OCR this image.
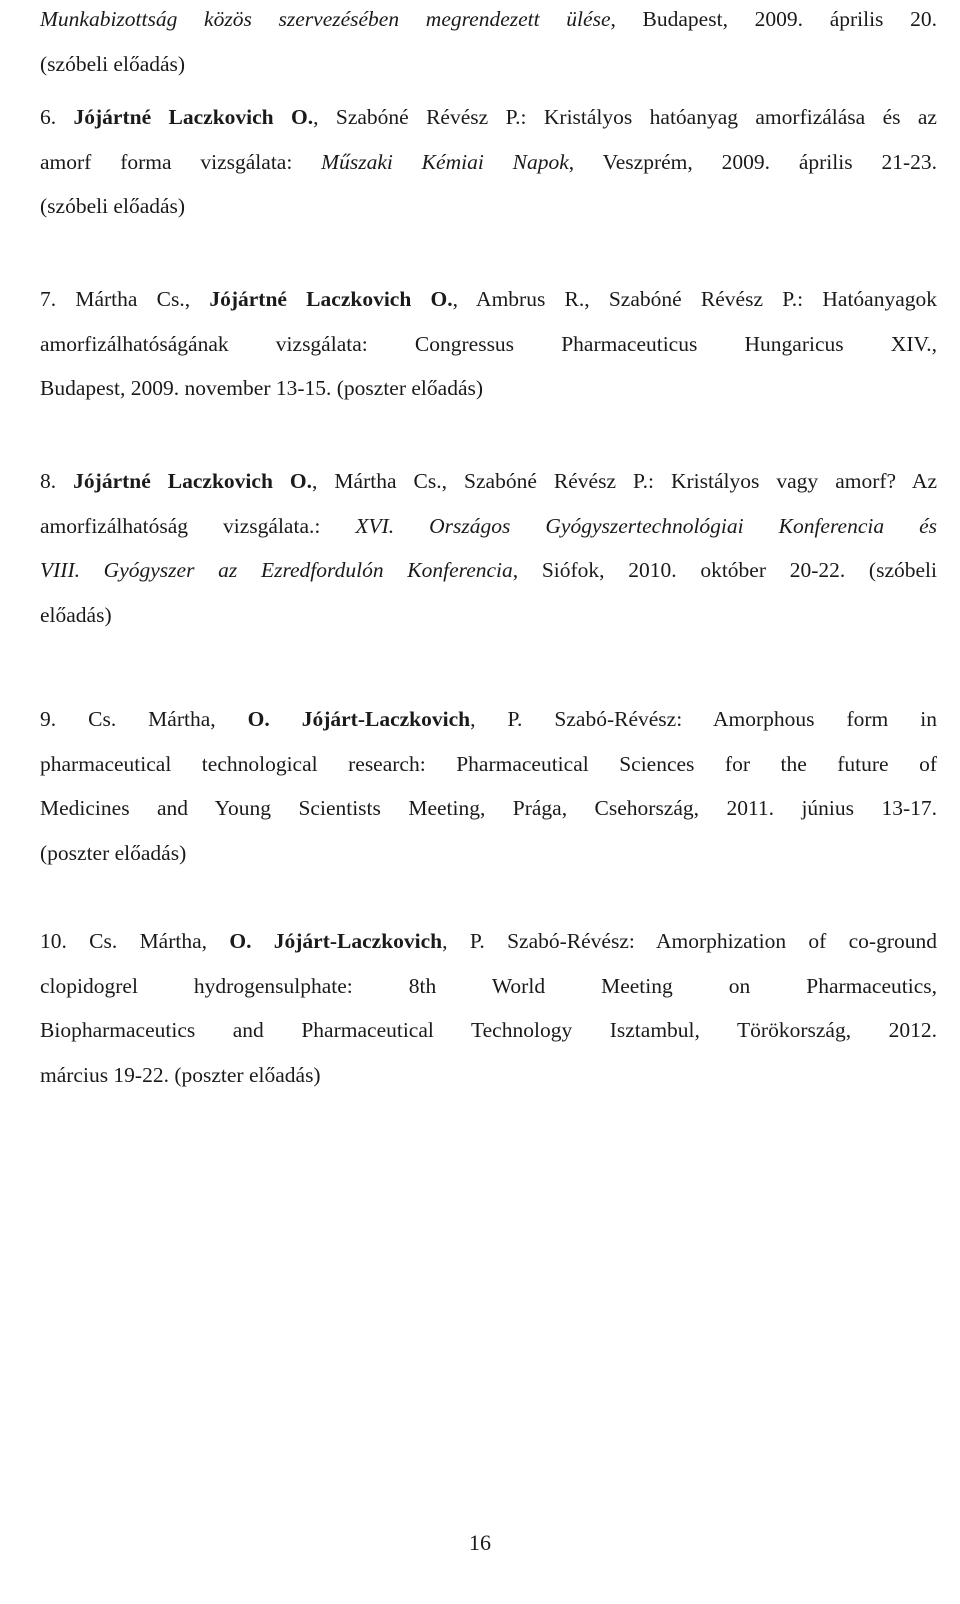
Munkabizottság közös szervezésében megrendezett ülése, Budapest, 2009. április 20.
(szóbeli előadás)
6. Jójártné Laczkovich O., Szabóné Révész P.: Kristályos hatóanyag amorfizálása és az
amorf forma vizsgálata: Műszaki Kémiai Napok, Veszprém, 2009. április 21-23.
(szóbeli előadás)
7. Mártha Cs., Jójártné Laczkovich O., Ambrus R., Szabóné Révész P.: Hatóanyagok
amorfizálhatóságának vizsgálata: Congressus Pharmaceuticus Hungaricus XIV.,
Budapest, 2009. november 13-15. (poszter előadás)
8. Jójártné Laczkovich O., Mártha Cs., Szabóné Révész P.: Kristályos vagy amorf? Az
amorfizálhatóság vizsgálata.: XVI. Országos Gyógyszertechnológiai Konferencia és
VIII. Gyógyszer az Ezredfordulón Konferencia, Siófok, 2010. október 20-22. (szóbeli
előadás)
9. Cs. Mártha, O. Jójárt-Laczkovich, P. Szabó-Révész: Amorphous form in
pharmaceutical technological research: Pharmaceutical Sciences for the future of
Medicines and Young Scientists Meeting, Prága, Csehország, 2011. június 13-17.
(poszter előadás)
10. Cs. Mártha, O. Jójárt-Laczkovich, P. Szabó-Révész: Amorphization of co-ground
clopidogrel hydrogensulphate: 8th World Meeting on Pharmaceutics,
Biopharmaceutics and Pharmaceutical Technology Isztambul, Törökország, 2012.
március 19-22. (poszter előadás)
16
